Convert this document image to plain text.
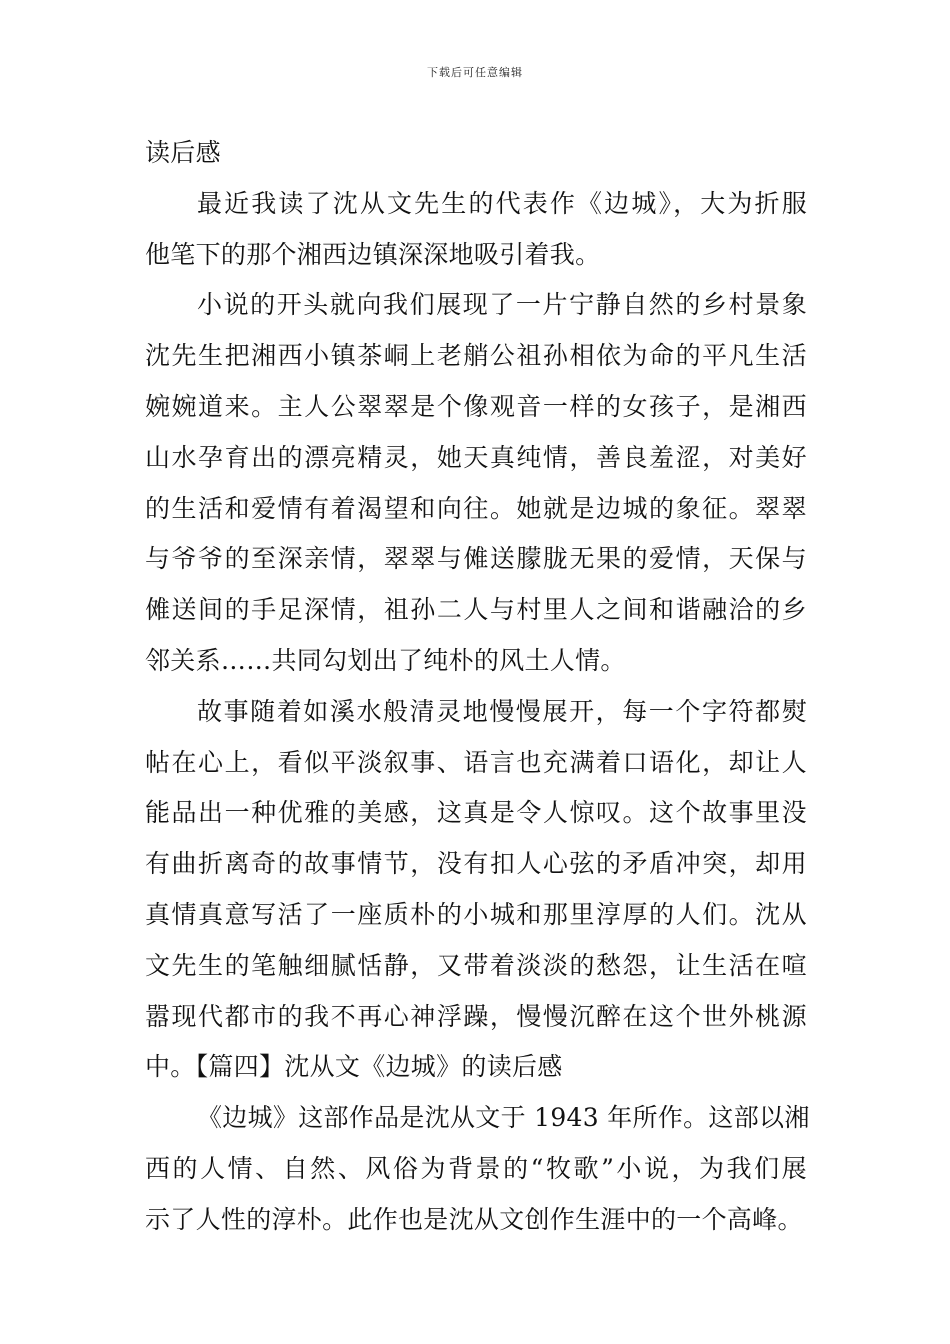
下载后可任意编辑
读后感
最近我读了沈从文先生的代表作《边城》，大为折服
他笔下的那个湘西边镇深深地吸引着我。
小说的开头就向我们展现了一片宁静自然的乡村景象
沈先生把湘西小镇茶峒上老艄公祖孙相依为命的平凡生活
婉婉道来。主人公翠翠是个像观音一样的女孩子，是湘西
山水孕育出的漂亮精灵，她天真纯情，善良羞涩，对美好
的生活和爱情有着渴望和向往。她就是边城的象征。翠翠
与爷爷的至深亲情，翠翠与傩送朦胧无果的爱情，天保与
傩送间的手足深情，祖孙二人与村里人之间和谐融洽的乡
邻关系……共同勾划出了纯朴的风土人情。
故事随着如溪水般清灵地慢慢展开，每一个字符都熨
帖在心上，看似平淡叙事、语言也充满着口语化，却让人
能品出一种优雅的美感，这真是令人惊叹。这个故事里没
有曲折离奇的故事情节，没有扣人心弦的矛盾冲突，却用
真情真意写活了一座质朴的小城和那里淳厚的人们。沈从
文先生的笔触细腻恬静，又带着淡淡的愁怨，让生活在喧
嚣现代都市的我不再心神浮躁，慢慢沉醉在这个世外桃源
中。【篇四】沈从文《边城》的读后感
《边城》这部作品是沈从文于 1943 年所作。这部以湘
西的人情、自然、风俗为背景的“牧歌”小说，为我们展
示了人性的淳朴。此作也是沈从文创作生涯中的一个高峰。
